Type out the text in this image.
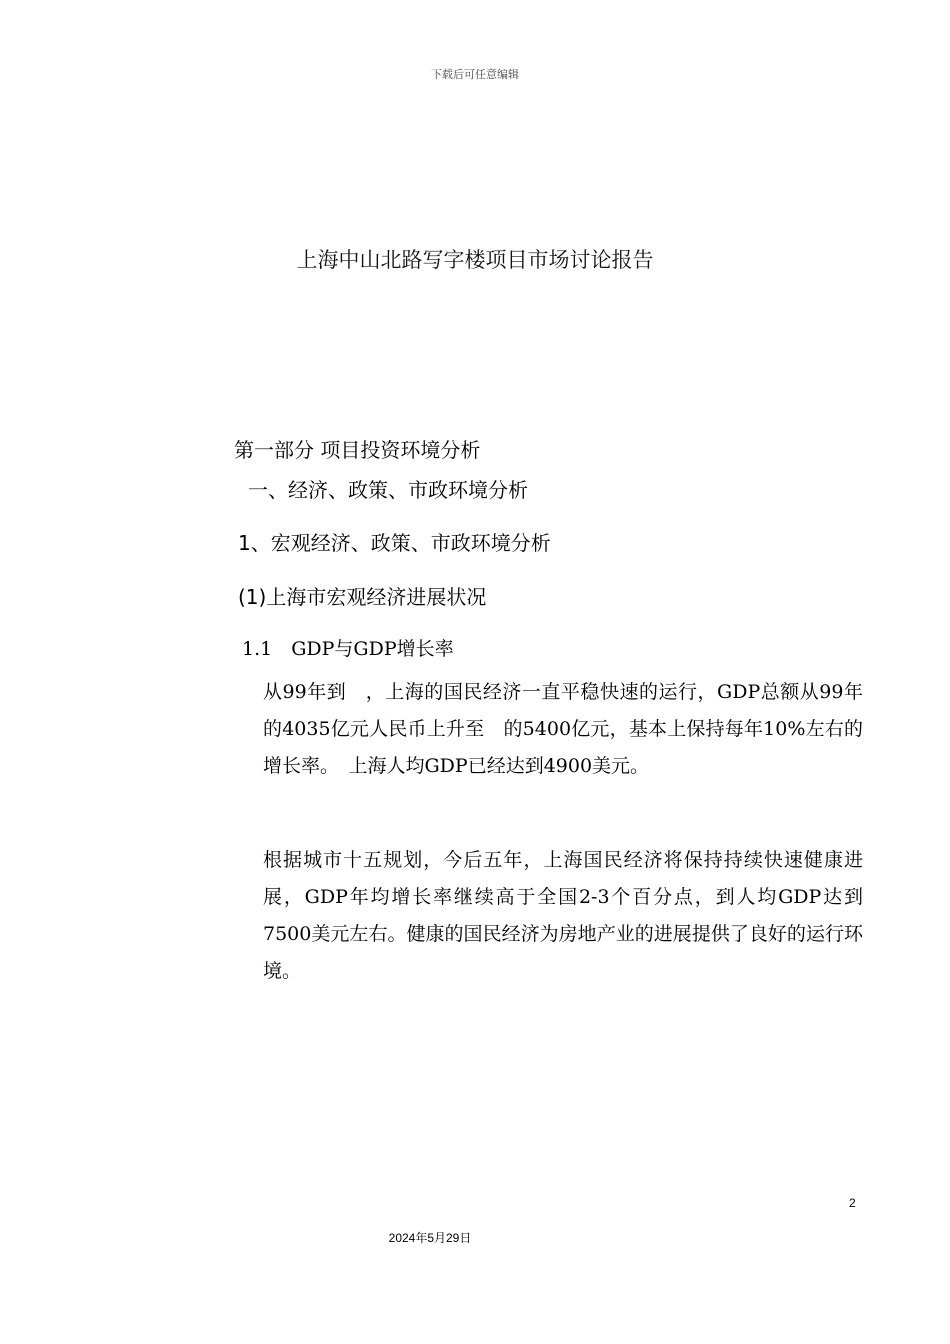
下载后可任意编辑
上海中山北路写字楼项目市场讨论报告
第一部分 项目投资环境分析
一、经济、政策、市政环境分析
1、宏观经济、政策、市政环境分析
(1)上海市宏观经济进展状况
1.1　GDP与GDP增长率
从99年到　，上海的国民经济一直平稳快速的运行，GDP总额从99年的4035亿元人民币上升至　的5400亿元，基本上保持每年10%左右的增长率。　上海人均GDP已经达到4900美元。
根据城市十五规划，今后五年，上海国民经济将保持持续快速健康进展，GDP年均增长率继续高于全国2-3个百分点，到人均GDP达到7500美元左右。健康的国民经济为房地产业的进展提供了良好的运行环境。
2
2024年5月29日
